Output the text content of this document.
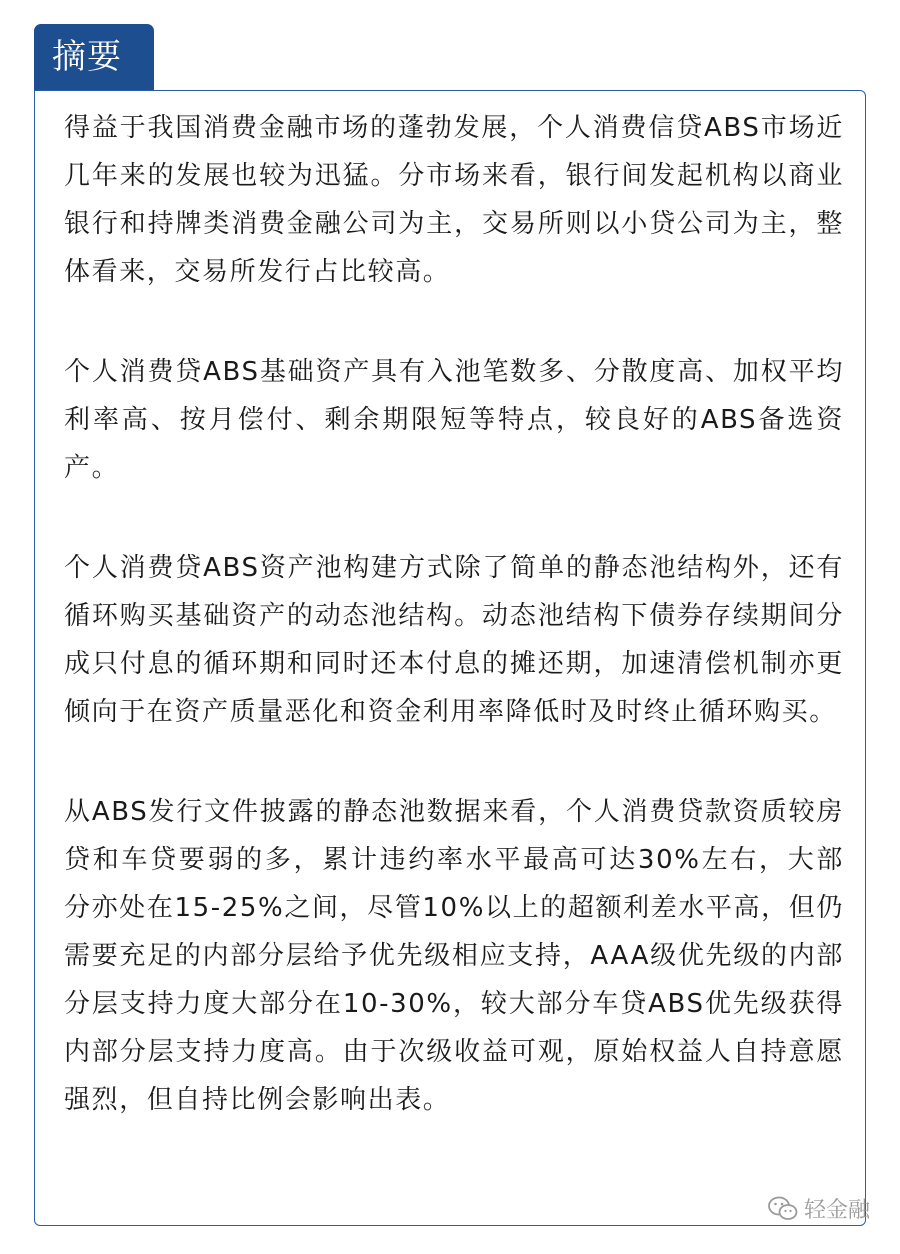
摘要

得益于我国消费金融市场的蓬勃发展，个人消费信贷ABS市场近几年来的发展也较为迅猛。分市场来看，银行间发起机构以商业银行和持牌类消费金融公司为主，交易所则以小贷公司为主，整体看来，交易所发行占比较高。

个人消费贷ABS基础资产具有入池笔数多、分散度高、加权平均利率高、按月偿付、剩余期限短等特点，较良好的ABS备选资产。

个人消费贷ABS资产池构建方式除了简单的静态池结构外，还有循环购买基础资产的动态池结构。动态池结构下债券存续期间分成只付息的循环期和同时还本付息的摊还期，加速清偿机制亦更倾向于在资产质量恶化和资金利用率降低时及时终止循环购买。

从ABS发行文件披露的静态池数据来看，个人消费贷款资质较房贷和车贷要弱的多，累计违约率水平最高可达30%左右，大部分亦处在15-25%之间，尽管10%以上的超额利差水平高，但仍需要充足的内部分层给予优先级相应支持，AAA级优先级的内部分层支持力度大部分在10-30%，较大部分车贷ABS优先级获得内部分层支持力度高。由于次级收益可观，原始权益人自持意愿强烈，但自持比例会影响出表。

轻金融
